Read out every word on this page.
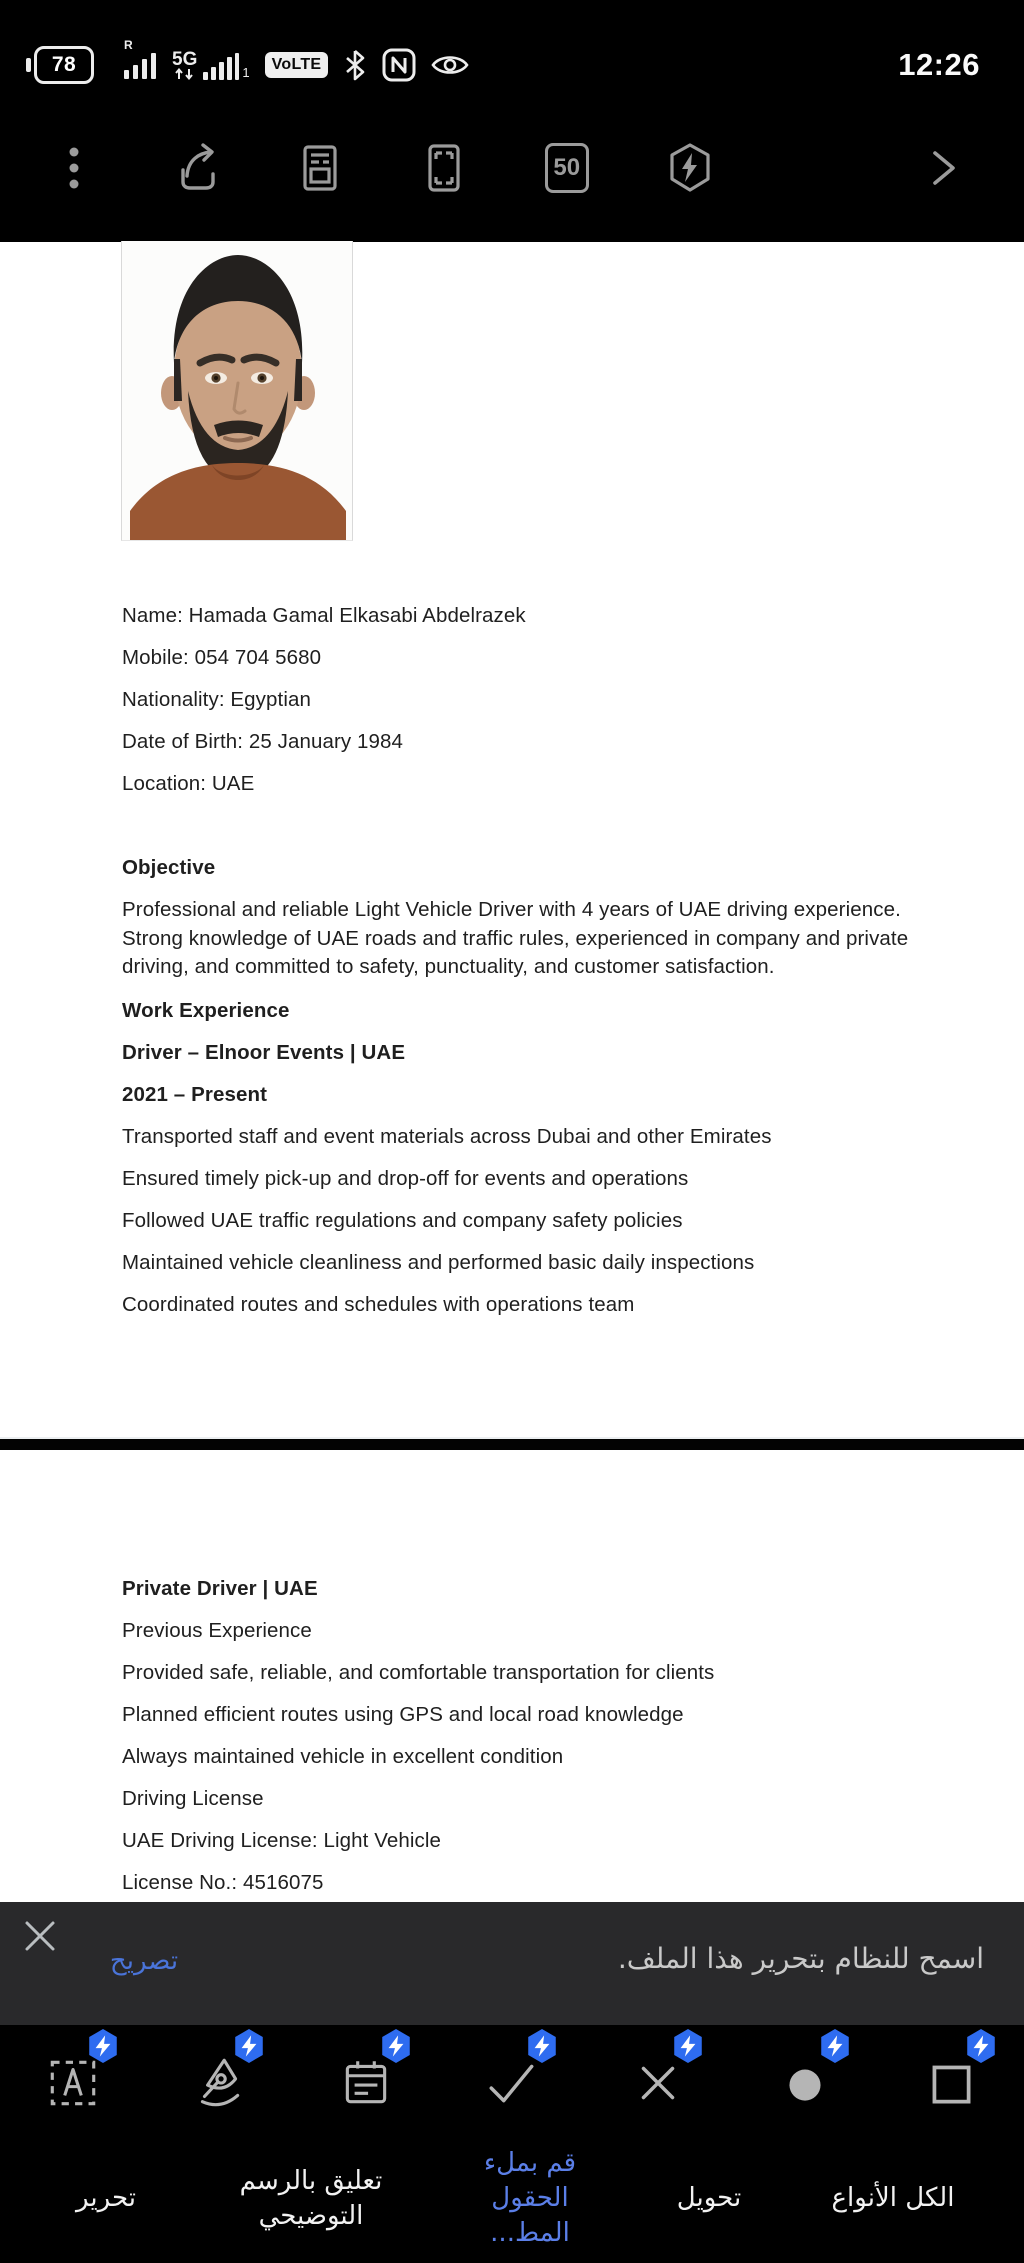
78
R
5G
1	VoLTE	12:26
50
Name: Hamada Gamal Elkasabi Abdelrazek
Mobile: 054 704 5680
Nationality: Egyptian
Date of Birth: 25 January 1984
Location: UAE
Objective
Professional and reliable Light Vehicle Driver with 4 years of UAE driving experience. Strong knowledge of UAE roads and traffic rules, experienced in company and private driving, and committed to safety, punctuality, and customer satisfaction.
Work Experience
Driver – Elnoor Events | UAE
2021 – Present
Transported staff and event materials across Dubai and other Emirates
Ensured timely pick-up and drop-off for events and operations
Followed UAE traffic regulations and company safety policies
Maintained vehicle cleanliness and performed basic daily inspections
Coordinated routes and schedules with operations team
Private Driver | UAE
Previous Experience
Provided safe, reliable, and comfortable transportation for clients
Planned efficient routes using GPS and local road knowledge
Always maintained vehicle in excellent condition
Driving License
UAE Driving License: Light Vehicle
License No.: 4516075
تصريح	اسمح للنظام بتحرير هذا الملف.
تحرير
تعليق بالرسم التوضيحي
قم بملء الحقول المط...
تحويل	الكل الأنواع
